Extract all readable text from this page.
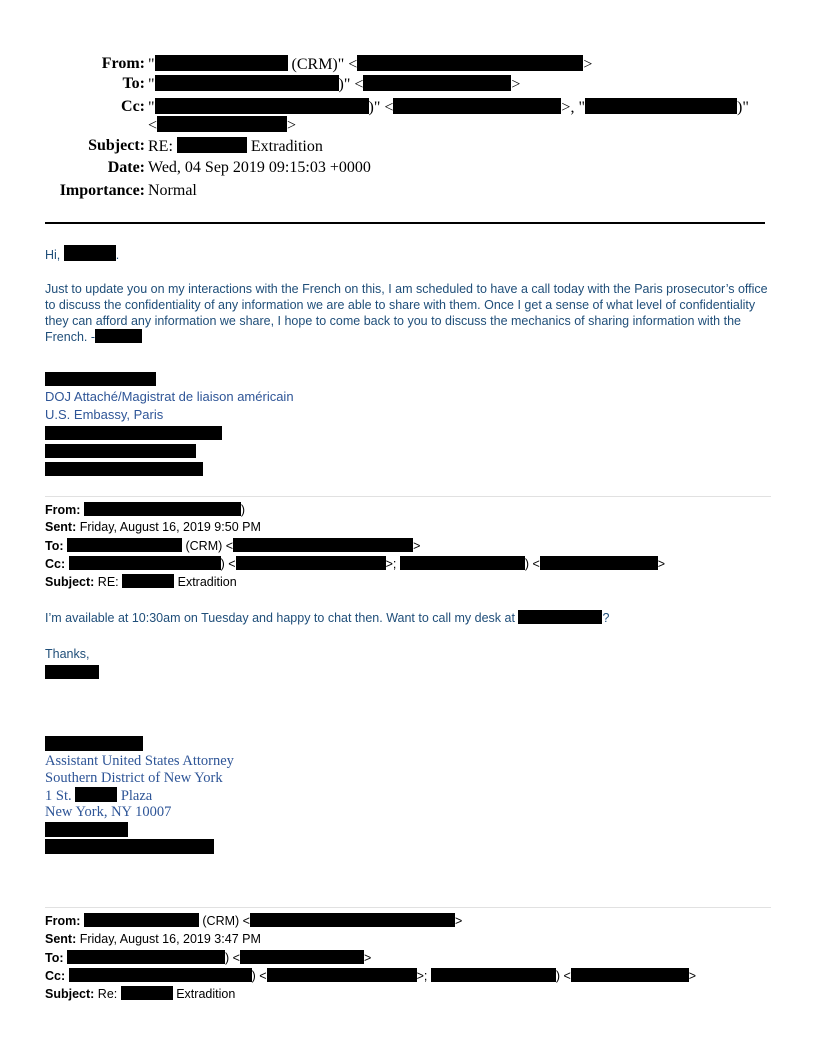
From: "	(CRM)" <	>
To: "	)" <	>
Cc: "	)" <	>, "	)"
<	>
Subject: RE:	Extradition
Date: Wed, 04 Sep 2019 09:15:03 +0000
Importance: Normal
Hi,	.
Just to update you on my interactions with the French on this, I am scheduled to have a call today with the Paris prosecutor’s office to discuss the confidentiality of any information we are able to share with them. Once I get a sense of what level of confidentiality they can afford any information we share, I hope to come back to you to discuss the mechanics of sharing information with the French. -
DOJ Attaché/Magistrat de liaison américain
U.S. Embassy, Paris
From:	)
Sent: Friday, August 16, 2019 9:50 PM
To:	(CRM) <	>
Cc:	) <	>;	) <	>
Subject: RE:	Extradition
I’m available at 10:30am on Tuesday and happy to chat then. Want to call my desk at	?
Thanks,
Assistant United States Attorney
Southern District of New York
1 St.	Plaza
New York, NY 10007
From:	(CRM) <	>
Sent: Friday, August 16, 2019 3:47 PM
To:	) <	>
Cc:	) <	>;	) <	>
Subject: Re:	Extradition
